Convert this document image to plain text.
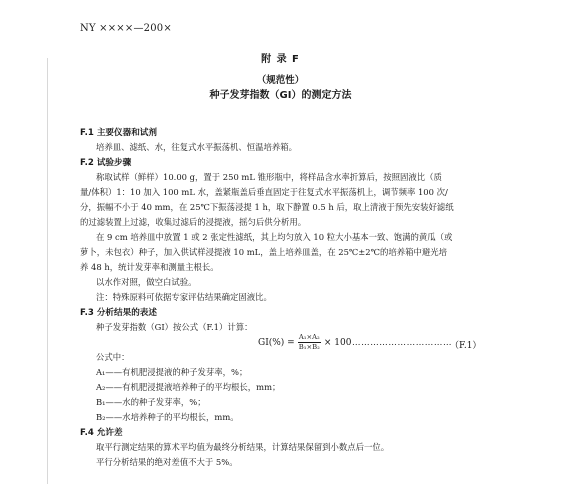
NY ××××—200×
附 录 F
（规范性）
种子发芽指数（GI）的测定方法
F.1 主要仪器和试剂
培养皿、滤纸、水，往复式水平振荡机、恒温培养箱。
F.2 试验步骤
称取试样（鲜样）10.00 g，置于 250 mL 锥形瓶中，将样品含水率折算后，按照固液比（质
量/体积）1：10 加入 100 mL 水，盖紧瓶盖后垂直固定于往复式水平振荡机上，调节频率 100 次/
分，振幅不小于 40 mm，在 25℃下振荡浸提 1 h，取下静置 0.5 h 后，取上清液于预先安装好滤纸
的过滤装置上过滤，收集过滤后的浸提液，摇匀后供分析用。
在 9 cm 培养皿中放置 1 或 2 张定性滤纸，其上均匀放入 10 粒大小基本一致、饱满的黄瓜（或
萝卜，未包衣）种子，加入供试样浸提液 10 mL，盖上培养皿盖，在 25℃±2℃的培养箱中避光培
养 48 h，统计发芽率和测量主根长。
以水作对照，做空白试验。
注：特殊原料可依据专家评估结果确定固液比。
F.3 分析结果的表述
种子发芽指数（GI）按公式（F.1）计算：
$GI(\%) = \frac{\text{A₁×A₂}}{\text{B₁×B₂}} \times 100$ ……………………………
（F.1）
公式中：
A₁——有机肥浸提液的种子发芽率，%；
A₂——有机肥浸提液培养种子的平均根长，mm；
B₁——水的种子发芽率，%；
B₂——水培养种子的平均根长，mm。
F.4 允许差
取平行测定结果的算术平均值为最终分析结果，计算结果保留到小数点后一位。
平行分析结果的绝对差值不大于 5%。
